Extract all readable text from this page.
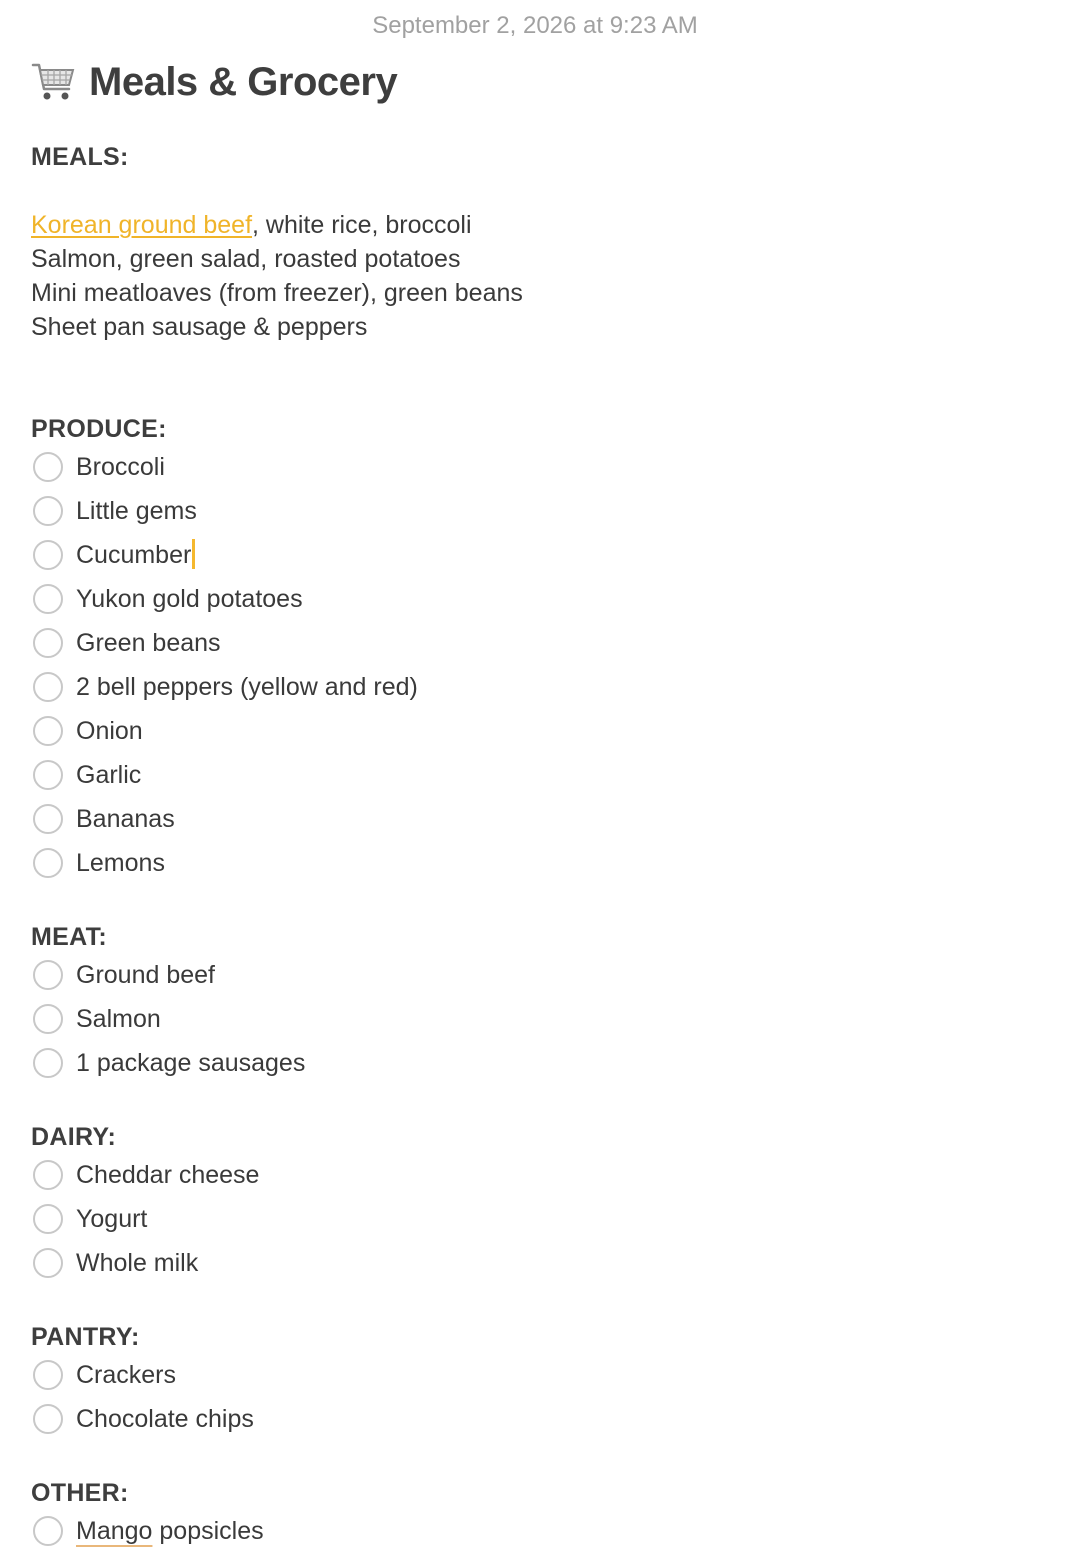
September 2, 2026 at 9:23 AM
Meals & Grocery
MEALS:
Korean ground beef, white rice, broccoli
Salmon, green salad, roasted potatoes
Mini meatloaves (from freezer), green beans
Sheet pan sausage & peppers
PRODUCE:
Broccoli
Little gems
Cucumber
Yukon gold potatoes
Green beans
2 bell peppers (yellow and red)
Onion
Garlic
Bananas
Lemons
MEAT:
Ground beef
Salmon
1 package sausages
DAIRY:
Cheddar cheese
Yogurt
Whole milk
PANTRY:
Crackers
Chocolate chips
OTHER:
Mango popsicles
